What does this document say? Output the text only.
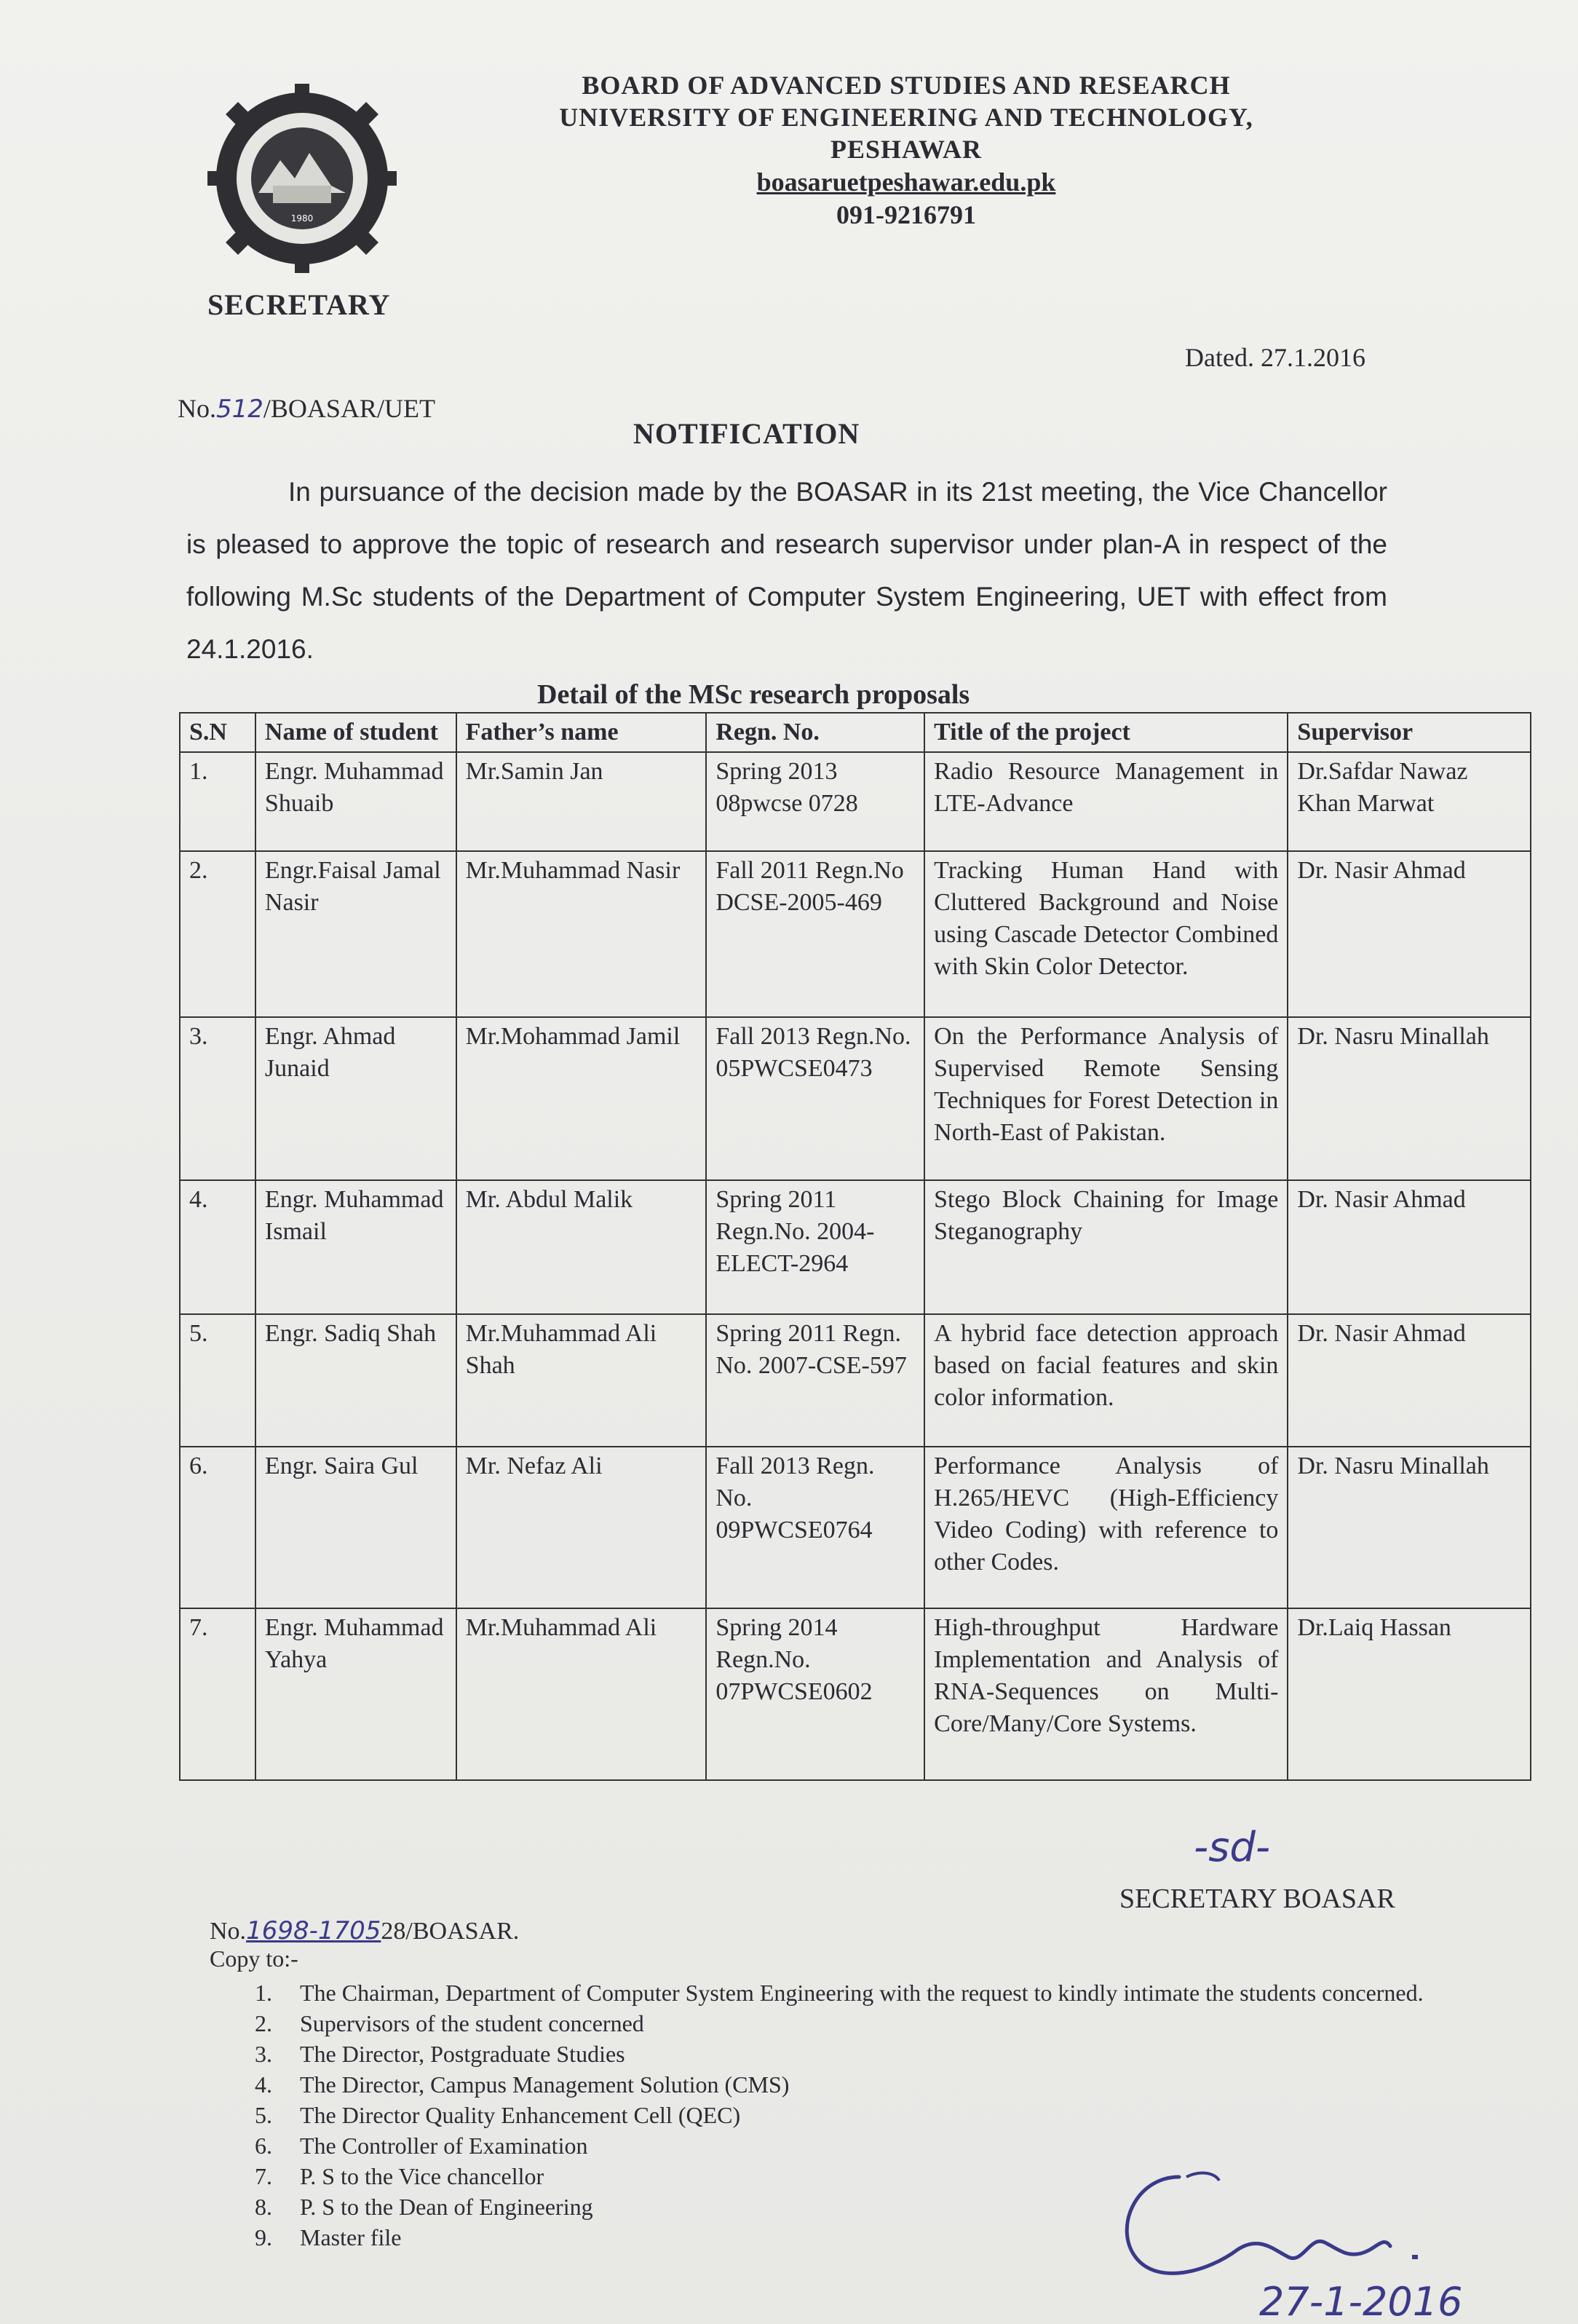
1980
SECRETARY
BOARD OF ADVANCED STUDIES AND RESEARCH
UNIVERSITY OF ENGINEERING AND TECHNOLOGY,
PESHAWAR
boasaruetpeshawar.edu.pk
091-9216791
Dated. 27.1.2016
No.512/BOASAR/UET
NOTIFICATION
In pursuance of the decision made by the BOASAR in its 21st meeting, the Vice Chancellor is pleased to approve the topic of research and research supervisor under plan-A in respect of the following M.Sc students of the Department of Computer System Engineering, UET with effect from 24.1.2016.
Detail of the MSc research proposals
S.N	Name of student	Father’s name	Regn. No.	Title of the project	Supervisor
1.	Engr. Muhammad Shuaib	Mr.Samin Jan	Spring 2013 08pwcse 0728	Radio Resource Management in LTE-Advance	Dr.Safdar Nawaz Khan Marwat
2.	Engr.Faisal Jamal Nasir	Mr.Muhammad Nasir	Fall 2011 Regn.No DCSE-2005-469	Tracking Human Hand with Cluttered Background and Noise using Cascade Detector Combined with Skin Color Detector.	Dr. Nasir Ahmad
3.	Engr. Ahmad Junaid	Mr.Mohammad Jamil	Fall 2013 Regn.No. 05PWCSE0473	On the Performance Analysis of Supervised Remote Sensing Techniques for Forest Detection in North-East of Pakistan.	Dr. Nasru Minallah
4.	Engr. Muhammad Ismail	Mr. Abdul Malik	Spring 2011 Regn.No. 2004-ELECT-2964	Stego Block Chaining for Image Steganography	Dr. Nasir Ahmad
5.	Engr. Sadiq Shah	Mr.Muhammad Ali Shah	Spring 2011 Regn. No. 2007-CSE-597	A hybrid face detection approach based on facial features and skin color information.	Dr. Nasir Ahmad
6.	Engr. Saira Gul	Mr. Nefaz Ali	Fall 2013 Regn. No. 09PWCSE0764	Performance Analysis of H.265/HEVC (High-Efficiency Video Coding) with reference to other Codes.	Dr. Nasru Minallah
7.	Engr. Muhammad Yahya	Mr.Muhammad Ali	Spring 2014 Regn.No. 07PWCSE0602	High-throughput Hardware Implementation and Analysis of RNA-Sequences on Multi-Core/Many/Core Systems.	Dr.Laiq Hassan
-sd-
SECRETARY BOASAR
No.1698-170528/BOASAR.
Copy to:-
1.	The Chairman, Department of Computer System Engineering with the request to kindly intimate the students concerned.
2.	Supervisors of the student concerned
3.	The Director, Postgraduate Studies
4.	The Director, Campus Management Solution (CMS)
5.	The Director Quality Enhancement Cell (QEC)
6.	The Controller of Examination
7.	P. S to the Vice chancellor
8.	P. S to the Dean of Engineering
9.	Master file
27-1-2016
